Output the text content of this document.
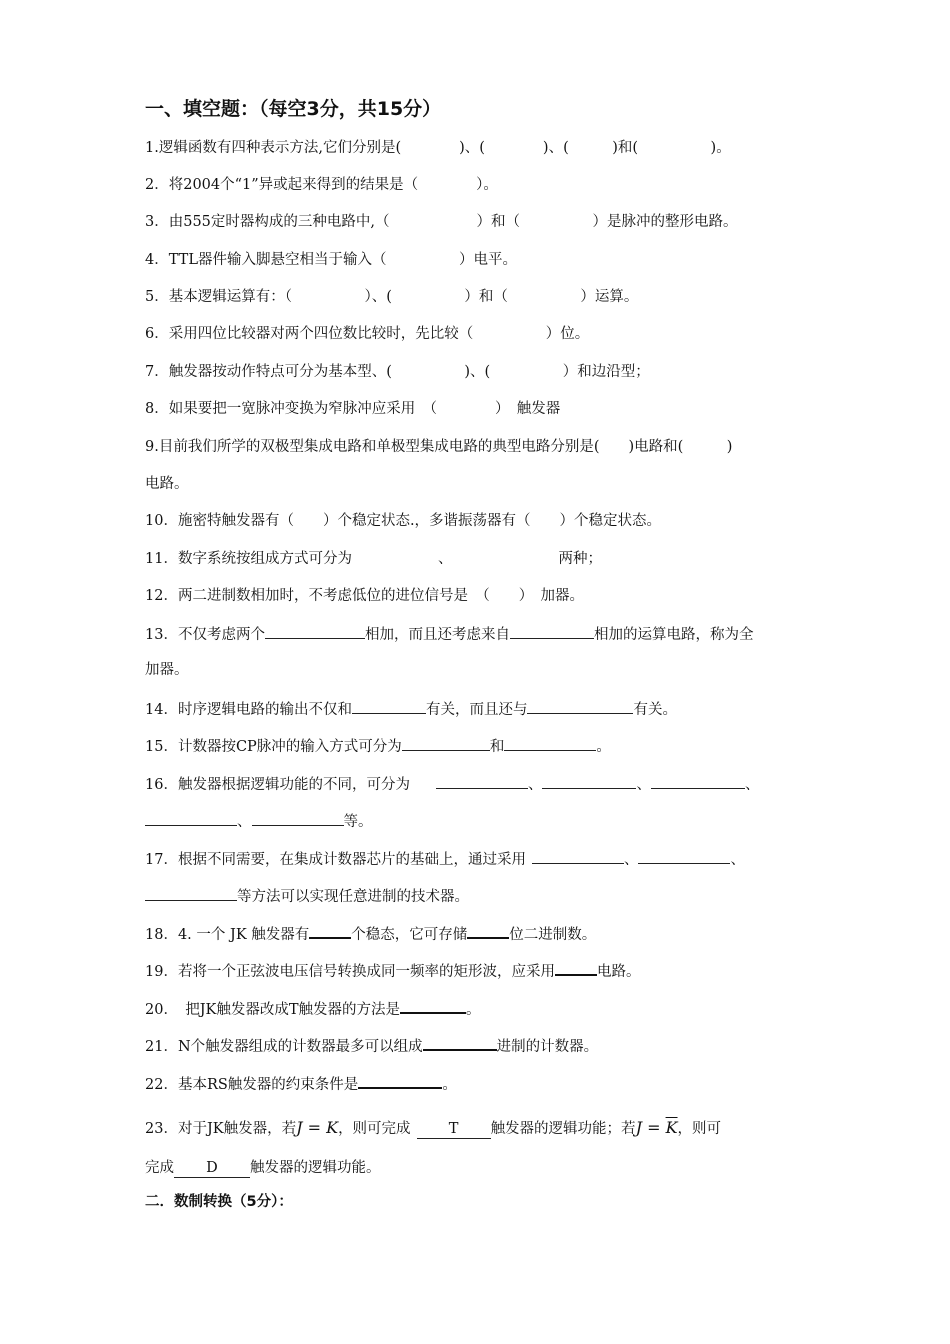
一、填空题：（每空3分，共15分）
1.逻辑函数有四种表示方法,它们分别是(　　　　)、(　　　　)、(　　　)和(　　　　　)。
2．将2004个“1”异或起来得到的结果是（　　　　）。
3．由555定时器构成的三种电路中,（　　　　　　）和（　　　　　）是脉冲的整形电路。
4．TTL器件输入脚悬空相当于输入（　　　　　）电平。
5．基本逻辑运算有：（　　　　　）、(　　　　　）和（　　　　　）运算。
6．采用四位比较器对两个四位数比较时，先比较（　　　　　）位。
7．触发器按动作特点可分为基本型、(　　　　　)、(　　　　　）和边沿型；
8．如果要把一宽脉冲变换为窄脉冲应采用　（　　　　）　触发器
9.目前我们所学的双极型集成电路和单极型集成电路的典型电路分别是(　　)电路和(　　　)
电路。
10．施密特触发器有（　　）个稳定状态.，多谐振荡器有（　　）个稳定状态。
11．数字系统按组成方式可分为	、	两种；
12．两二进制数相加时，不考虑低位的进位信号是　（　　）　加器。
13．不仅考虑两个	相加，而且还考虑来自	相加的运算电路，称为全
加器。
14．时序逻辑电路的输出不仅和	有关，而且还与	有关。
15．计数器按CP脉冲的输入方式可分为	和	。
16．触发器根据逻辑功能的不同，可分为	、	、	、
、	等。
17．根据不同需要，在集成计数器芯片的基础上，通过采用	、	、
等方法可以实现任意进制的技术器。
18．4. 一个 JK 触发器有	个稳态，它可存储	位二进制数。
19．若将一个正弦波电压信号转换成同一频率的矩形波，应采用	电路。
20．　把JK触发器改成T触发器的方法是	。
21．N个触发器组成的计数器最多可以组成	进制的计数器。
22．基本RS触发器的约束条件是	。
23．对于JK触发器，若J = K，则可完成	T 触发器的逻辑功能；若$J = \overline{K}$，则可
完成 D 触发器的逻辑功能。
二．数制转换（5分）：
